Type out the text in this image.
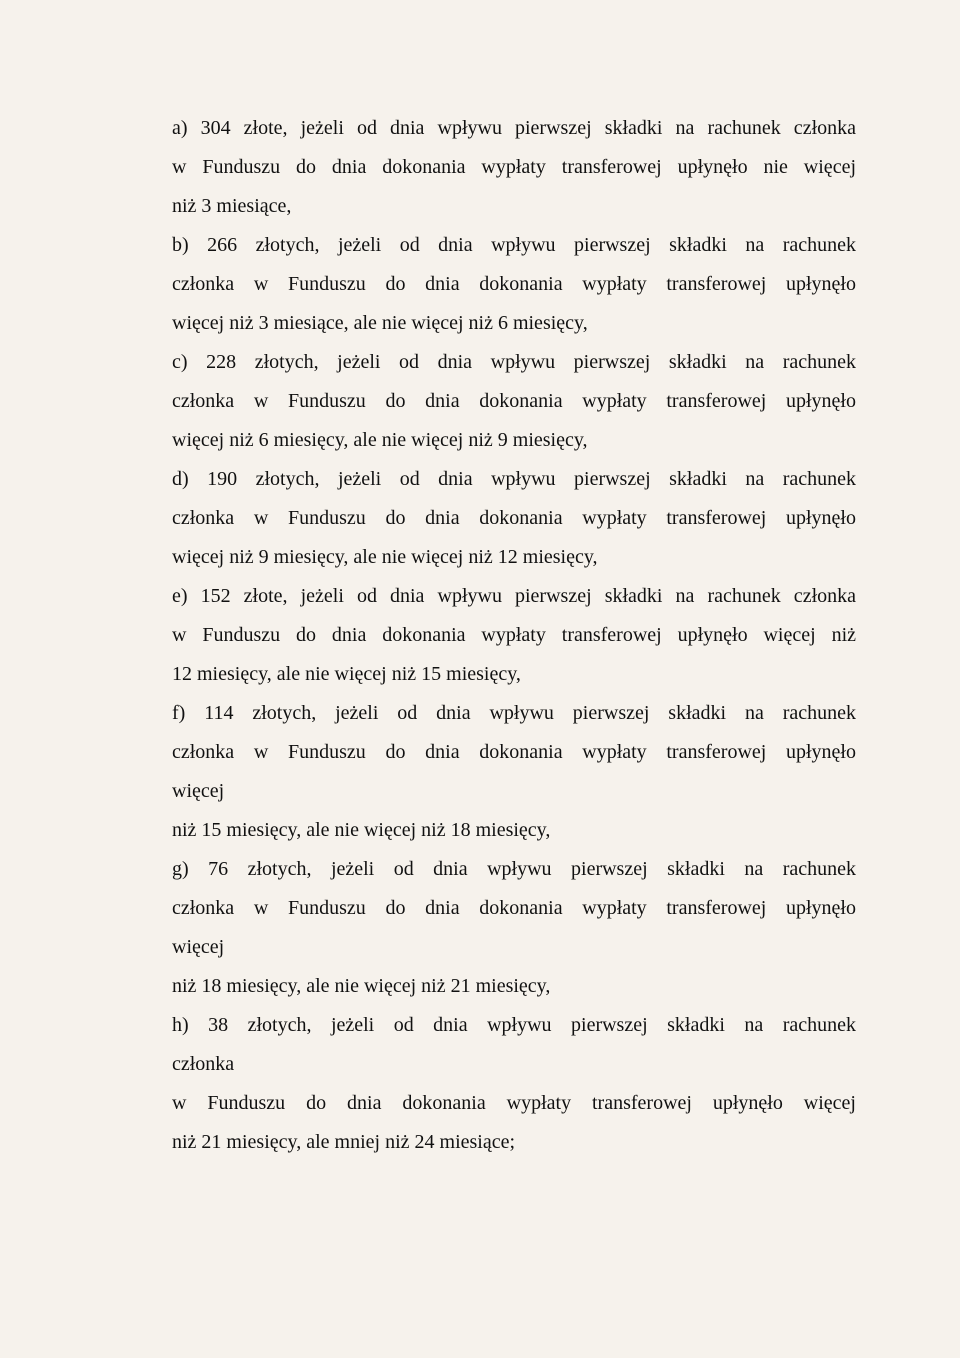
a) 304 złote, jeżeli od dnia wpływu pierwszej składki na rachunek członka
w Funduszu do dnia dokonania wypłaty transferowej upłynęło nie więcej
niż 3 miesiące,
b) 266 złotych, jeżeli od dnia wpływu pierwszej składki na rachunek
członka w Funduszu do dnia dokonania wypłaty transferowej upłynęło
więcej niż 3 miesiące, ale nie więcej niż 6 miesięcy,
c) 228 złotych, jeżeli od dnia wpływu pierwszej składki na rachunek
członka w Funduszu do dnia dokonania wypłaty transferowej upłynęło
więcej niż 6 miesięcy, ale nie więcej niż 9 miesięcy,
d) 190 złotych, jeżeli od dnia wpływu pierwszej składki na rachunek
członka w Funduszu do dnia dokonania wypłaty transferowej upłynęło
więcej niż 9 miesięcy, ale nie więcej niż 12 miesięcy,
e) 152 złote, jeżeli od dnia wpływu pierwszej składki na rachunek członka
w Funduszu do dnia dokonania wypłaty transferowej upłynęło więcej niż
12 miesięcy, ale nie więcej niż 15 miesięcy,
f) 114 złotych, jeżeli od dnia wpływu pierwszej składki na rachunek
członka w Funduszu do dnia dokonania wypłaty transferowej upłynęło
więcej
niż 15 miesięcy, ale nie więcej niż 18 miesięcy,
g) 76 złotych, jeżeli od dnia wpływu pierwszej składki na rachunek
członka w Funduszu do dnia dokonania wypłaty transferowej upłynęło
więcej
niż 18 miesięcy, ale nie więcej niż 21 miesięcy,
h) 38 złotych, jeżeli od dnia wpływu pierwszej składki na rachunek
członka
w Funduszu do dnia dokonania wypłaty transferowej upłynęło więcej
niż 21 miesięcy, ale mniej niż 24 miesiące;
